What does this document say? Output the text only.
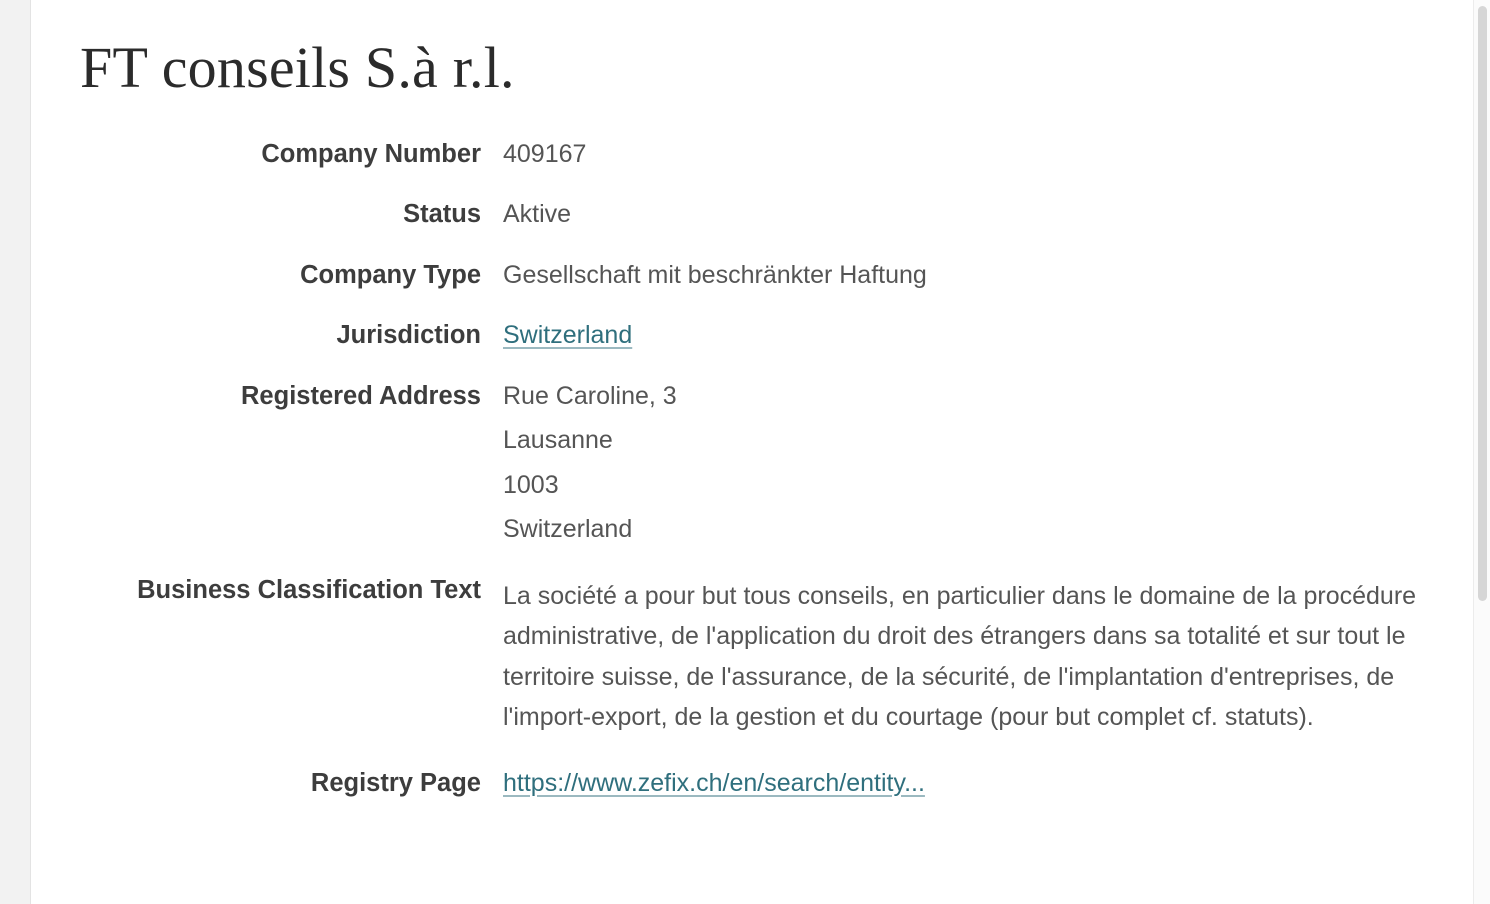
FT conseils S.à r.l.
Company Number	409167
Status	Aktive
Company Type	Gesellschaft mit beschränkter Haftung
Jurisdiction	Switzerland
Registered Address	Rue Caroline, 3
Lausanne
1003
Switzerland

Business Classification Text	La société a pour but tous conseils, en particulier dans le domaine de la procédure administrative, de l'application du droit des étrangers dans sa totalité et sur tout le territoire suisse, de l'assurance, de la sécurité, de l'implantation d'entreprises, de l'import-export, de la gestion et du courtage (pour but complet cf. statuts).
Registry Page	https://www.zefix.ch/en/search/entity...
